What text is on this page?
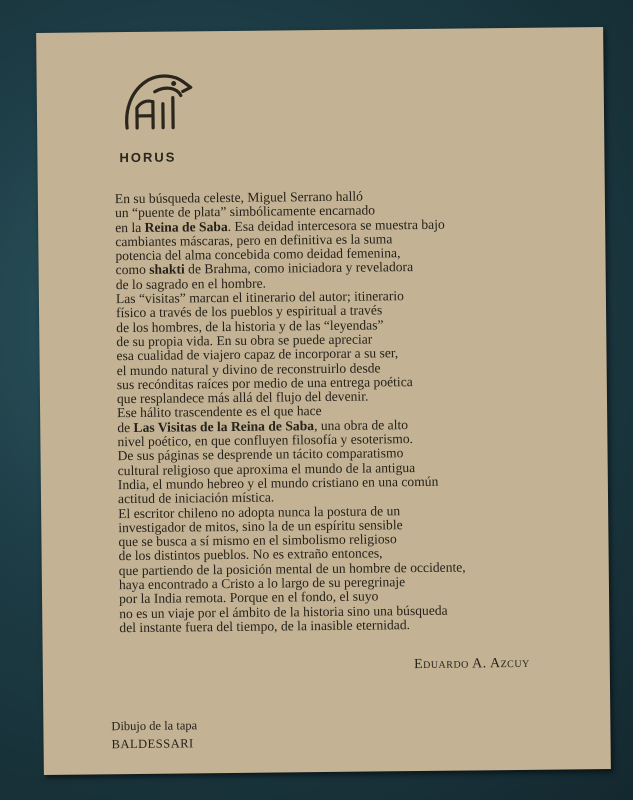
HORUS
En su búsqueda celeste, Miguel Serrano halló
un “puente de plata” simbólicamente encarnado
en la Reina de Saba. Esa deidad intercesora se muestra bajo
cambiantes máscaras, pero en definitiva es la suma
potencia del alma concebida como deidad femenina,
como shakti de Brahma, como iniciadora y reveladora
de lo sagrado en el hombre.
Las “visitas” marcan el itinerario del autor; itinerario
físico a través de los pueblos y espiritual a través
de los hombres, de la historia y de las “leyendas”
de su propia vida. En su obra se puede apreciar
esa cualidad de viajero capaz de incorporar a su ser,
el mundo natural y divino de reconstruirlo desde
sus recónditas raíces por medio de una entrega poética
que resplandece más allá del flujo del devenir.
Ese hálito trascendente es el que hace
de Las Visitas de la Reina de Saba, una obra de alto
nivel poético, en que confluyen filosofía y esoterismo.
De sus páginas se desprende un tácito comparatismo
cultural religioso que aproxima el mundo de la antigua
India, el mundo hebreo y el mundo cristiano en una común
actitud de iniciación mística.
El escritor chileno no adopta nunca la postura de un
investigador de mitos, sino la de un espíritu sensible
que se busca a sí mismo en el simbolismo religioso
de los distintos pueblos. No es extraño entonces,
que partiendo de la posición mental de un hombre de occidente,
haya encontrado a Cristo a lo largo de su peregrinaje
por la India remota. Porque en el fondo, el suyo
no es un viaje por el ámbito de la historia sino una búsqueda
del instante fuera del tiempo, de la inasible eternidad.
Eduardo A. Azcuy
Dibujo de la tapa
BALDESSARI
